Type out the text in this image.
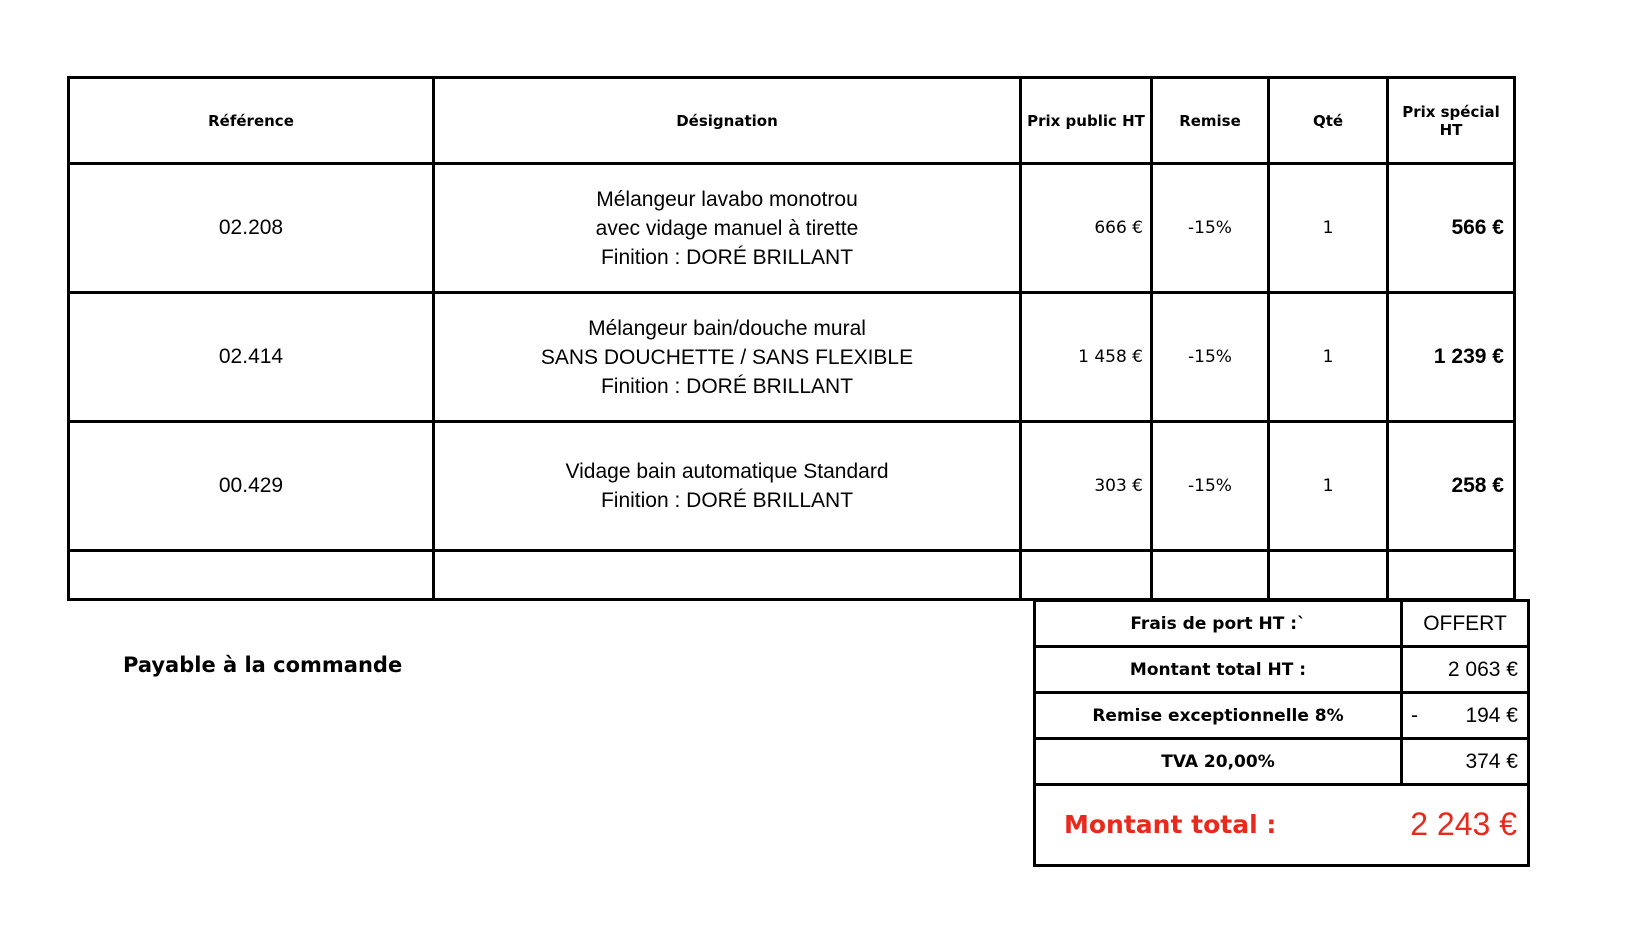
Référence	Désignation	Prix public HT	Remise	Qté	Prix spécial HT
02.208	Mélangeur lavabo monotrou
avec vidage manuel à tirette
Finition : DORÉ BRILLANT	666 €	-15%	1	566 €
02.414	Mélangeur bain/douche mural
SANS DOUCHETTE / SANS FLEXIBLE
Finition : DORÉ BRILLANT	1 458 €	-15%	1	1 239 €
00.429	Vidage bain automatique Standard
Finition : DORÉ BRILLANT	303 €	-15%	1	258 €

Payable à la commande
Frais de port HT :`	OFFERT
Montant total HT :	2 063 €
Remise exceptionnelle 8%	- 194 €
TVA 20,00%	374 €

Montant total : 2 243 €	
